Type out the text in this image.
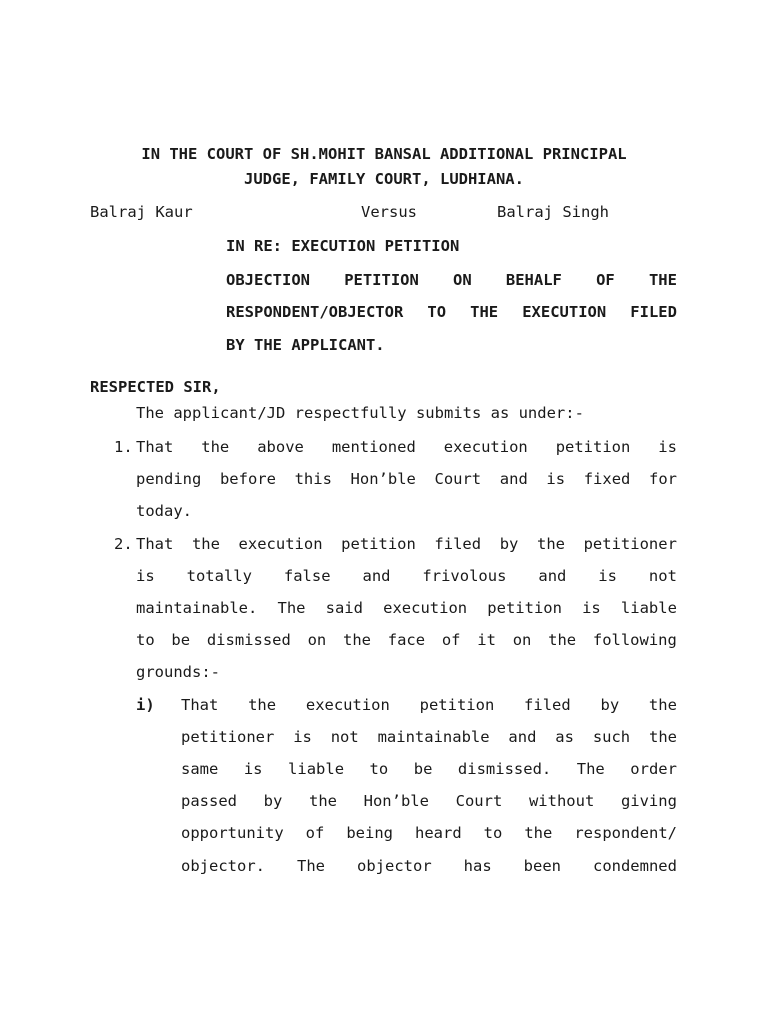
IN THE COURT OF SH.MOHIT BANSAL ADDITIONAL PRINCIPAL
JUDGE, FAMILY COURT, LUDHIANA.
Balraj Kaur	Versus	Balraj Singh
IN RE: EXECUTION PETITION
OBJECTION PETITION ON BEHALF OF THE
RESPONDENT/OBJECTOR TO THE EXECUTION FILED
BY THE APPLICANT.
RESPECTED SIR,
The applicant/JD respectfully submits as under:-
1. That the above mentioned execution petition is
pending before this Hon’ble Court and is fixed for
today.
2. That the execution petition filed by the petitioner
is totally false and frivolous and is not
maintainable. The said execution petition is liable
to be dismissed on the face of it on the following
grounds:-
i) That the execution petition filed by the
petitioner is not maintainable and as such the
same is liable to be dismissed. The order
passed by the Hon’ble Court without giving
opportunity of being heard to the respondent/
objector. The objector has been condemned
